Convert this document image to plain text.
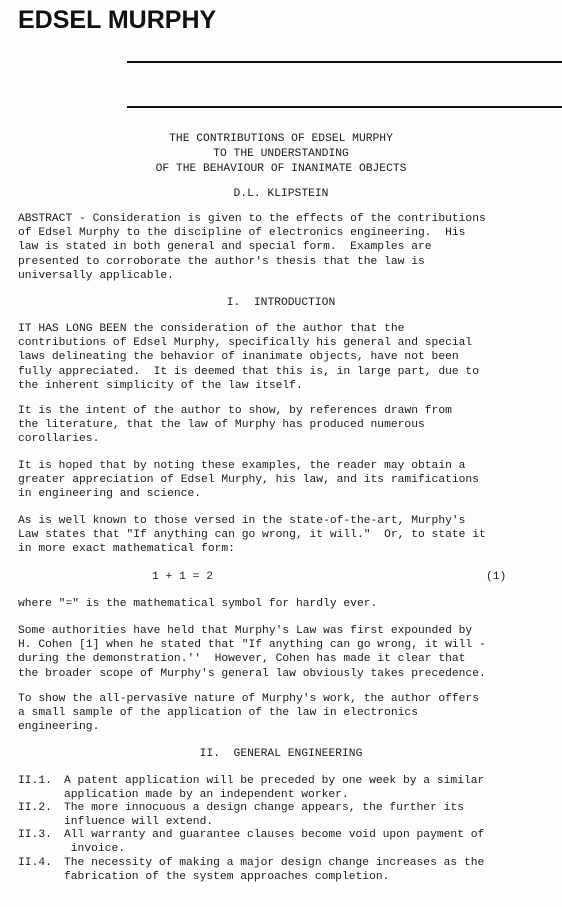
EDSEL MURPHY
THE CONTRIBUTIONS OF EDSEL MURPHY
TO THE UNDERSTANDING
OF THE BEHAVIOUR OF INANIMATE OBJECTS
D.L. KLIPSTEIN

ABSTRACT - Consideration is given to the effects of the contributions
of Edsel Murphy to the discipline of electronics engineering.  His
law is stated in both general and special form.  Examples are
presented to corroborate the author's thesis that the law is
universally applicable.

I.  INTRODUCTION

IT HAS LONG BEEN the consideration of the author that the
contributions of Edsel Murphy, specifically his general and special
laws delineating the behavior of inanimate objects, have not been
fully appreciated.  It is deemed that this is, in large part, due to
the inherent simplicity of the law itself.

It is the intent of the author to show, by references drawn from
the literature, that the law of Murphy has produced numerous
corollaries.

It is hoped that by noting these examples, the reader may obtain a
greater appreciation of Edsel Murphy, his law, and its ramifications
in engineering and science.

As is well known to those versed in the state-of-the-art, Murphy's
Law states that "If anything can go wrong, it will."  Or, to state it
in more exact mathematical form:

1 + 1 = 2	(1)

where "=" is the mathematical symbol for hardly ever.

Some authorities have held that Murphy's Law was first expounded by
H. Cohen [1] when he stated that "If anything can go wrong, it will -
during the demonstration.''  However, Cohen has made it clear that
the broader scope of Murphy's general law obviously takes precedence.

To show the all-pervasive nature of Murphy's work, the author offers
a small sample of the application of the law in electronics
engineering.

II.  GENERAL ENGINEERING
II.1. A patent application will be preceded by one week by a similar
application made by an independent worker.
II.2. The more innocuous a design change appears, the further its
influence will extend.
II.3. All warranty and guarantee clauses become void upon payment of
invoice.
II.4. The necessity of making a major design change increases as the
fabrication of the system approaches completion.
